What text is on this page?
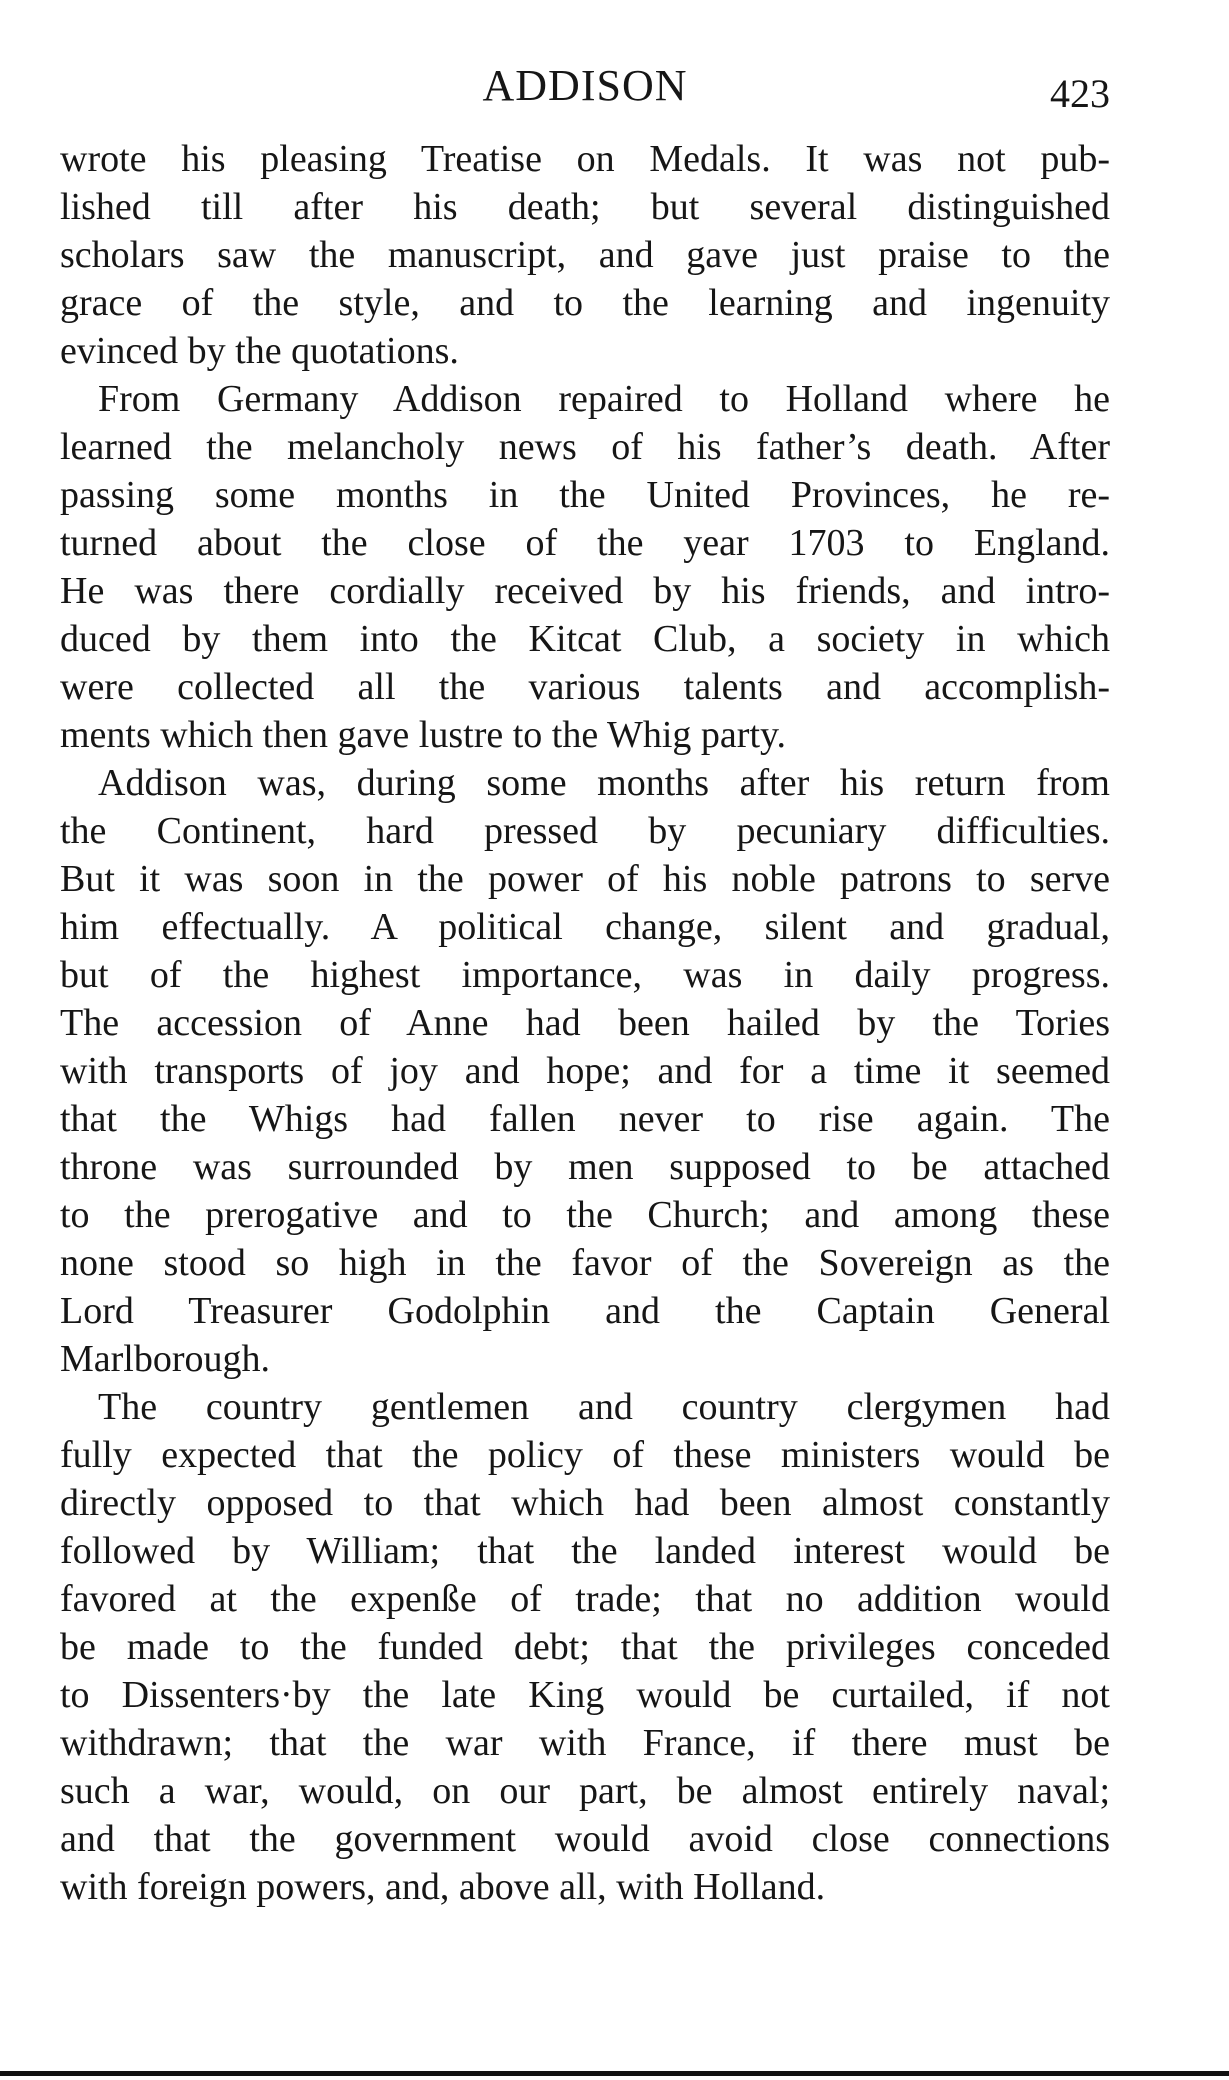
ADDISON	423
wrote his pleasing Treatise on Medals. It was not pub-
lished till after his death; but several distinguished
scholars saw the manuscript, and gave just praise to the
grace of the style, and to the learning and ingenuity
evinced by the quotations.
From Germany Addison repaired to Holland where he
learned the melancholy news of his father’s death. After
passing some months in the United Provinces, he re-
turned about the close of the year 1703 to England.
He was there cordially received by his friends, and intro-
duced by them into the Kitcat Club, a society in which
were collected all the various talents and accomplish-
ments which then gave lustre to the Whig party.
Addison was, during some months after his return from
the Continent, hard pressed by pecuniary difficulties.
But it was soon in the power of his noble patrons to serve
him effectually. A political change, silent and gradual,
but of the highest importance, was in daily progress.
The accession of Anne had been hailed by the Tories
with transports of joy and hope; and for a time it seemed
that the Whigs had fallen never to rise again. The
throne was surrounded by men supposed to be attached
to the prerogative and to the Church; and among these
none stood so high in the favor of the Sovereign as the
Lord Treasurer Godolphin and the Captain General
Marlborough.
The country gentlemen and country clergymen had
fully expected that the policy of these ministers would be
directly opposed to that which had been almost constantly
followed by William; that the landed interest would be
favored at the expenße of trade; that no addition would
be made to the funded debt; that the privileges conceded
to Dissenters·by the late King would be curtailed, if not
withdrawn; that the war with France, if there must be
such a war, would, on our part, be almost entirely naval;
and that the government would avoid close connections
with foreign powers, and, above all, with Holland.
